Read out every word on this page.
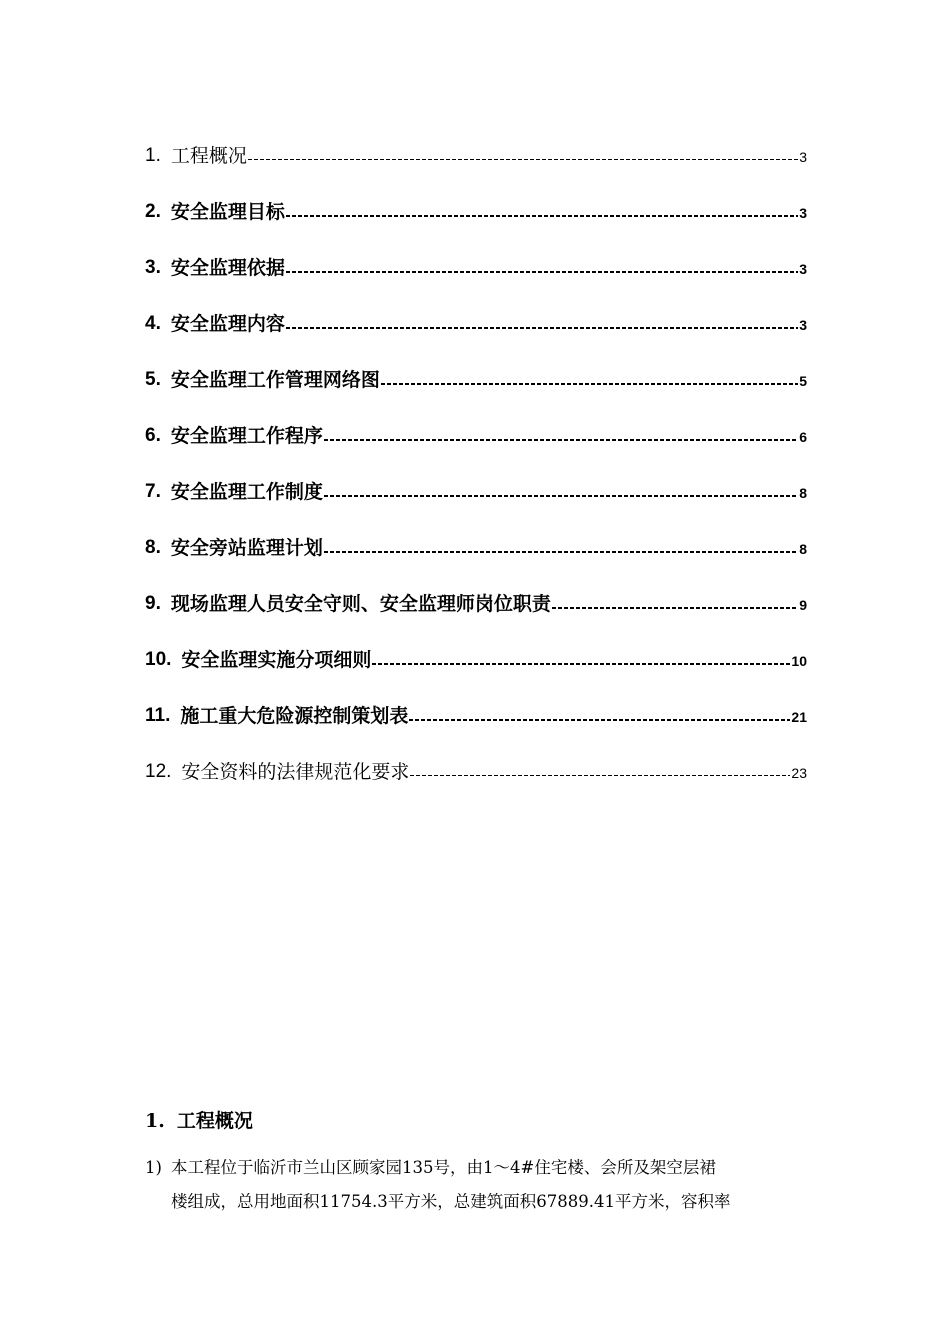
1. 工程概况	3
2. 安全监理目标	3
3. 安全监理依据	3
4. 安全监理内容	3
5. 安全监理工作管理网络图	5
6. 安全监理工作程序	6
7. 安全监理工作制度	8
8. 安全旁站监理计划	8
9. 现场监理人员安全守则、安全监理师岗位职责	9
10. 安全监理实施分项细则	10
11. 施工重大危险源控制策划表	21
12. 安全资料的法律规范化要求	23
1. 工程概况
1) 本工程位于临沂市兰山区顾家园135号，由1～4#住宅楼、会所及架空层裙
楼组成，总用地面积11754.3平方米，总建筑面积67889.41平方米，容积率
